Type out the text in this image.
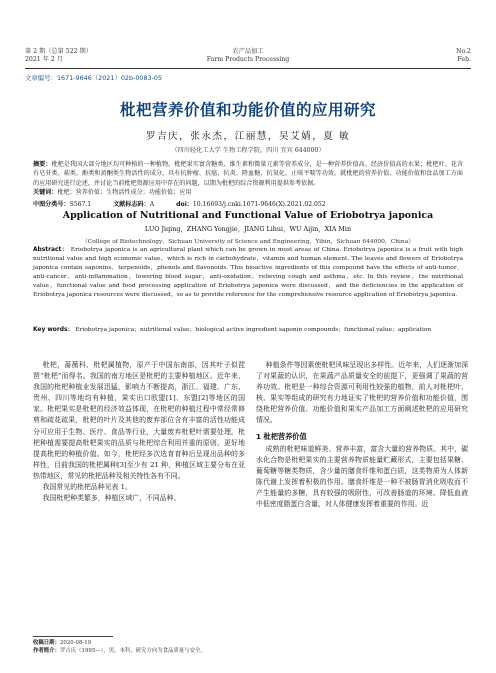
第 2 期（总第 522 期）
2021 年 2 月
农产品加工
Farm Products Processing
No.2
Feb.
文章编号：1671-9646（2021）02b-0083-05
枇杷营养价值和功能价值的应用研究
罗吉庆，张永杰，江丽慧，吴艾婧，夏 敏
（四川轻化工大学 生物工程学院，四川 宜宾 644000）
摘要：枇杷是我国大部分地区均可种植的一种植物。枇杷果实富含糖类、维生素和微量元素等营养成分，是一种营养价值高、经济价值高的水果；枇杷叶、花含有皂苷类、萜类、酚类和黄酮类生物活性的成分，具有抗肿瘤、抗癌、抗炎、降血糖、抗氧化、止咳平喘等功效。就枇杷的营养价值、功能价值和食品加工方面的应用研究进行论述，并讨论当前枇杷资源应用中存在的问题，以期为枇杷的综合资源利用提供参考依据。
关键词：枇杷；营养价值；生物活性成分；功能价值；应用
中图分类号：S567.1	文献标志码：A	doi：10.16693/j.cnki.1671-9646(X).2021.02.052
Application of Nutritional and Functional Value of Eriobotrya japonica
LUO Jiqing，ZHANG Yongjie，JIANG Lihui，WU Aijin，XIA Min
（College of Biotechnology，Sichuan University of Science and Engineering，Yibin，Sichuan 644000，China）
Abstract： Eriobotrya japonica is an agricultural plant which can be grown in most areas of China. Eriobotrya japonica is a fruit with high nutritional value and high economic value，which is rich in carbohydrate，vitamin and human element. The leaves and flowers of Eriobotrya japonica contain saponins，terpenoids，phenols and flavonoids. This bioactive ingredients of this compound have the effects of anti-tumor，anti-cancer，anti-inflammation，lowering blood sugar，anti-oxidation，relieving cough and asthma，etc. In this review，the nutritional value，functional value and food processing application of Eriobotrya japonica were discussed，and the deficiencies in the application of Eriobotrya japonica resources were discussed，so as to provide reference for the comprehensive resource application of Eriobotrya japonica.
Key words： Eriobotrya japonica；nutritional value；biological active ingredient saponin compounds；functional value；application

枇杷，蔷薇科、枇杷属植物，原产于中国东南部，因其叶子似琵琶“枇杷”而得名。我国的南方地区是枇杷的主要种植地区。近年来，我国的枇杷种植业发展迅猛，影响力不断提高，浙江、福建、广东、贵州、四川等地均有种植，果实出口欧盟[1]、东盟[2]等地区的国家。枇杷果实是枇杷的经济效益体现，在枇杷的种植过程中常经常修剪和疏花疏果，枇杷的叶片及其他的废弃部位含有丰富的活性功能成分可应用于生物、医疗、食品等行业，大量废弃枇杷叶需要处理。枇杷种植需要提高枇杷果实的品质与枇杷综合利用并重的原则，更好地提高枇杷的种植价值。如今，枇杷经多次选育育种后呈现出品种的多样性，目前我国的枇杷属种[3]至少有 21 种，种植区域主要分布在亚热带地区，常见的枇杷品种及相关特性各有不同。

我国常见的枇杷品种见表 1。

我国枇杷种类繁多，种植区域广，不同品种、

种植条件等因素使枇杷风味呈现出多样性。近年来，人们逐渐加深了对果蔬的认识，在果蔬产品质量安全的前提下，更强调了果蔬的营养功效。枇杷是一种综合资源可利用性较强的植物，前人对枇杷叶、核、果实等组成的研究有力地证实了枇杷的营养价值和功能价值，围绕枇杷营养价值、功能价值和果实产品加工方面阐述枇杷的应用研究情况。

1 枇杷营养价值

成熟的枇杷味道鲜美、营养丰富，富含大量的营养物质。其中，碳水化合物是枇杷果实的主要营养物质能量贮藏形式，主要包括果糖、葡萄糖等糖类物质，含少量的膳食纤维和蛋白质，这类物质为人体新陈代谢上发挥着积极的作用。膳食纤维是一种不被肠胃消化吸收而不产生能量的多糖，具有较强的吸附性，可改善肠道的环境、降低血液中低密度脂蛋白含量，对人体健康发挥着重要的作用。近

收稿日期：2020-08-19
作者简介：罗吉庆（1995—），男，本科，研究方向为食品质量与安全。
